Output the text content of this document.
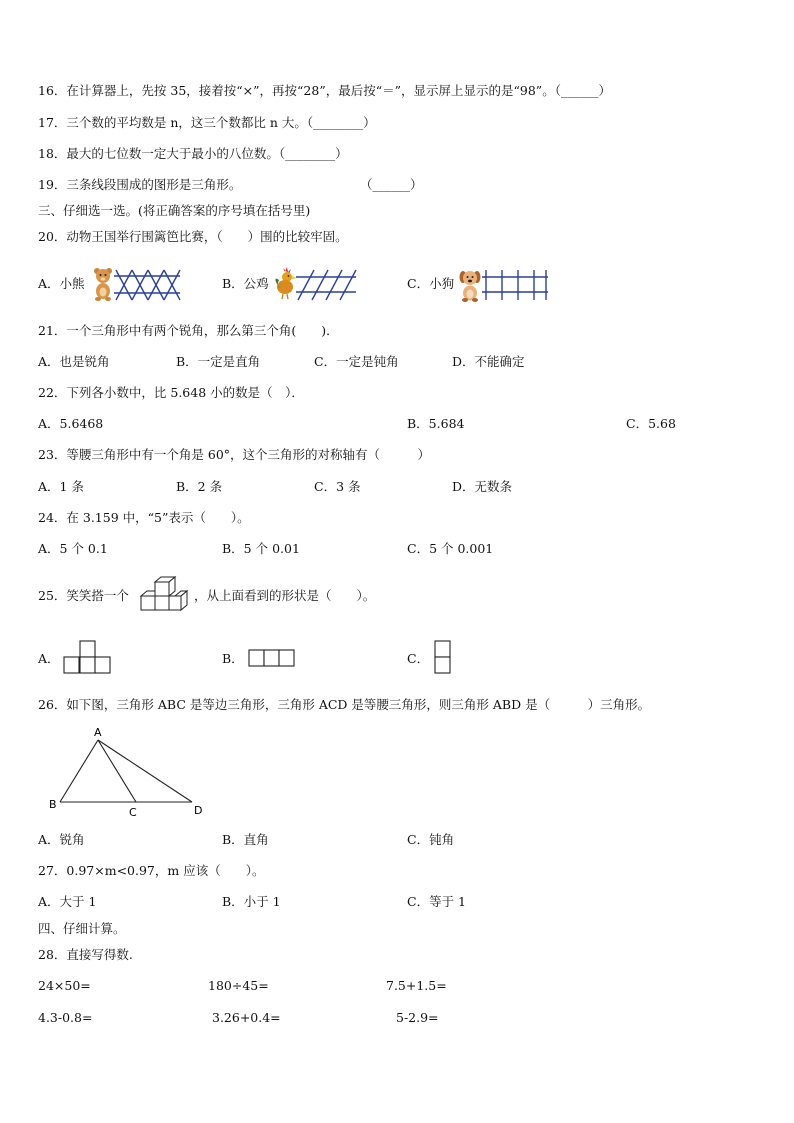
16．在计算器上，先按 35，接着按“×”，再按“28”，最后按“＝”，显示屏上显示的是“98”。（______）
17．三个数的平均数是 n，这三个数都比 n 大。（________）
18．最大的七位数一定大于最小的八位数。（________）
19．三条线段围成的图形是三角形。	（______）
三、仔细选一选。(将正确答案的序号填在括号里)
20．动物王国举行围篱笆比赛，（　　）围的比较牢固。
A．小熊	B．公鸡	C．小狗
21．一个三角形中有两个锐角，那么第三个角(　　)．
A．也是锐角	B．一定是直角	C．一定是钝角	D．不能确定
22．下列各小数中，比 5.648 小的数是（　）．
A．5.6468	B．5.684	C．5.68
23．等腰三角形中有一个角是 60°，这个三角形的对称轴有（　　　）
A．1 条	B．2 条	C．3 条	D．无数条
24．在 3.159 中，“5”表示（　　）。
A．5 个 0.1	B．5 个 0.01	C．5 个 0.001
25．笑笑搭一个	，从上面看到的形状是（　　）。
A．	B．	C．
26．如下图，三角形 ABC 是等边三角形，三角形 ACD 是等腰三角形，则三角形 ABD 是（　　　）三角形。
A
B
C	D
A．锐角	B．直角	C．钝角
27．0.97×m<0.97，m 应该（　　）。
A．大于 1	B．小于 1	C．等于 1
四、仔细计算。
28．直接写得数.
24×50=	180÷45=	7.5+1.5=
4.3-0.8=	3.26+0.4=	5-2.9=
